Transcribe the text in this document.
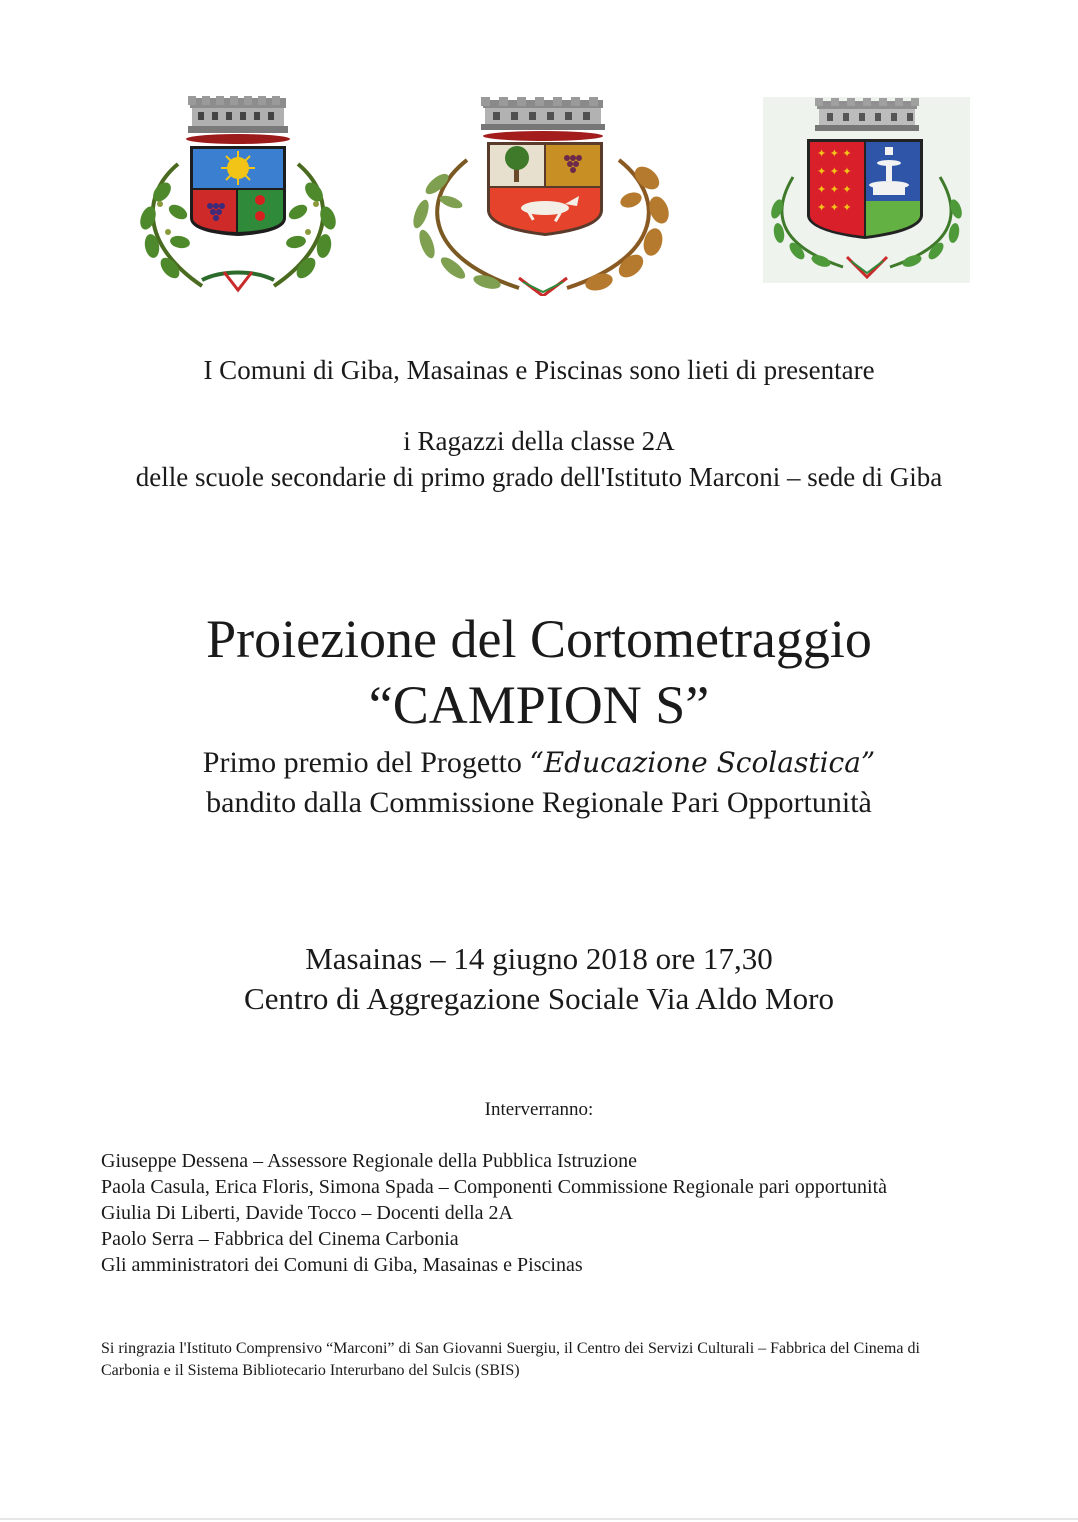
✦ ✦ ✦
✦ ✦ ✦
✦ ✦ ✦
✦ ✦ ✦
I Comuni di Giba, Masainas e Piscinas sono lieti di presentare
i Ragazzi della classe 2A
delle scuole secondarie di primo grado dell'Istituto Marconi – sede di Giba
Proiezione del Cortometraggio
“CAMPION S”
Primo premio del Progetto “Educazione Scolastica”
bandito dalla Commissione Regionale Pari Opportunità
Masainas – 14 giugno 2018 ore 17,30
Centro di Aggregazione Sociale Via Aldo Moro
Interverranno:
Giuseppe Dessena – Assessore Regionale della Pubblica Istruzione
Paola Casula, Erica Floris, Simona Spada – Componenti Commissione Regionale pari opportunità
Giulia Di Liberti, Davide Tocco – Docenti della 2A
Paolo Serra – Fabbrica del Cinema Carbonia
Gli amministratori dei Comuni di Giba, Masainas e Piscinas
Si ringrazia l'Istituto Comprensivo “Marconi” di San Giovanni Suergiu, il Centro dei Servizi Culturali – Fabbrica del Cinema di Carbonia e il Sistema Bibliotecario Interurbano del Sulcis (SBIS)
